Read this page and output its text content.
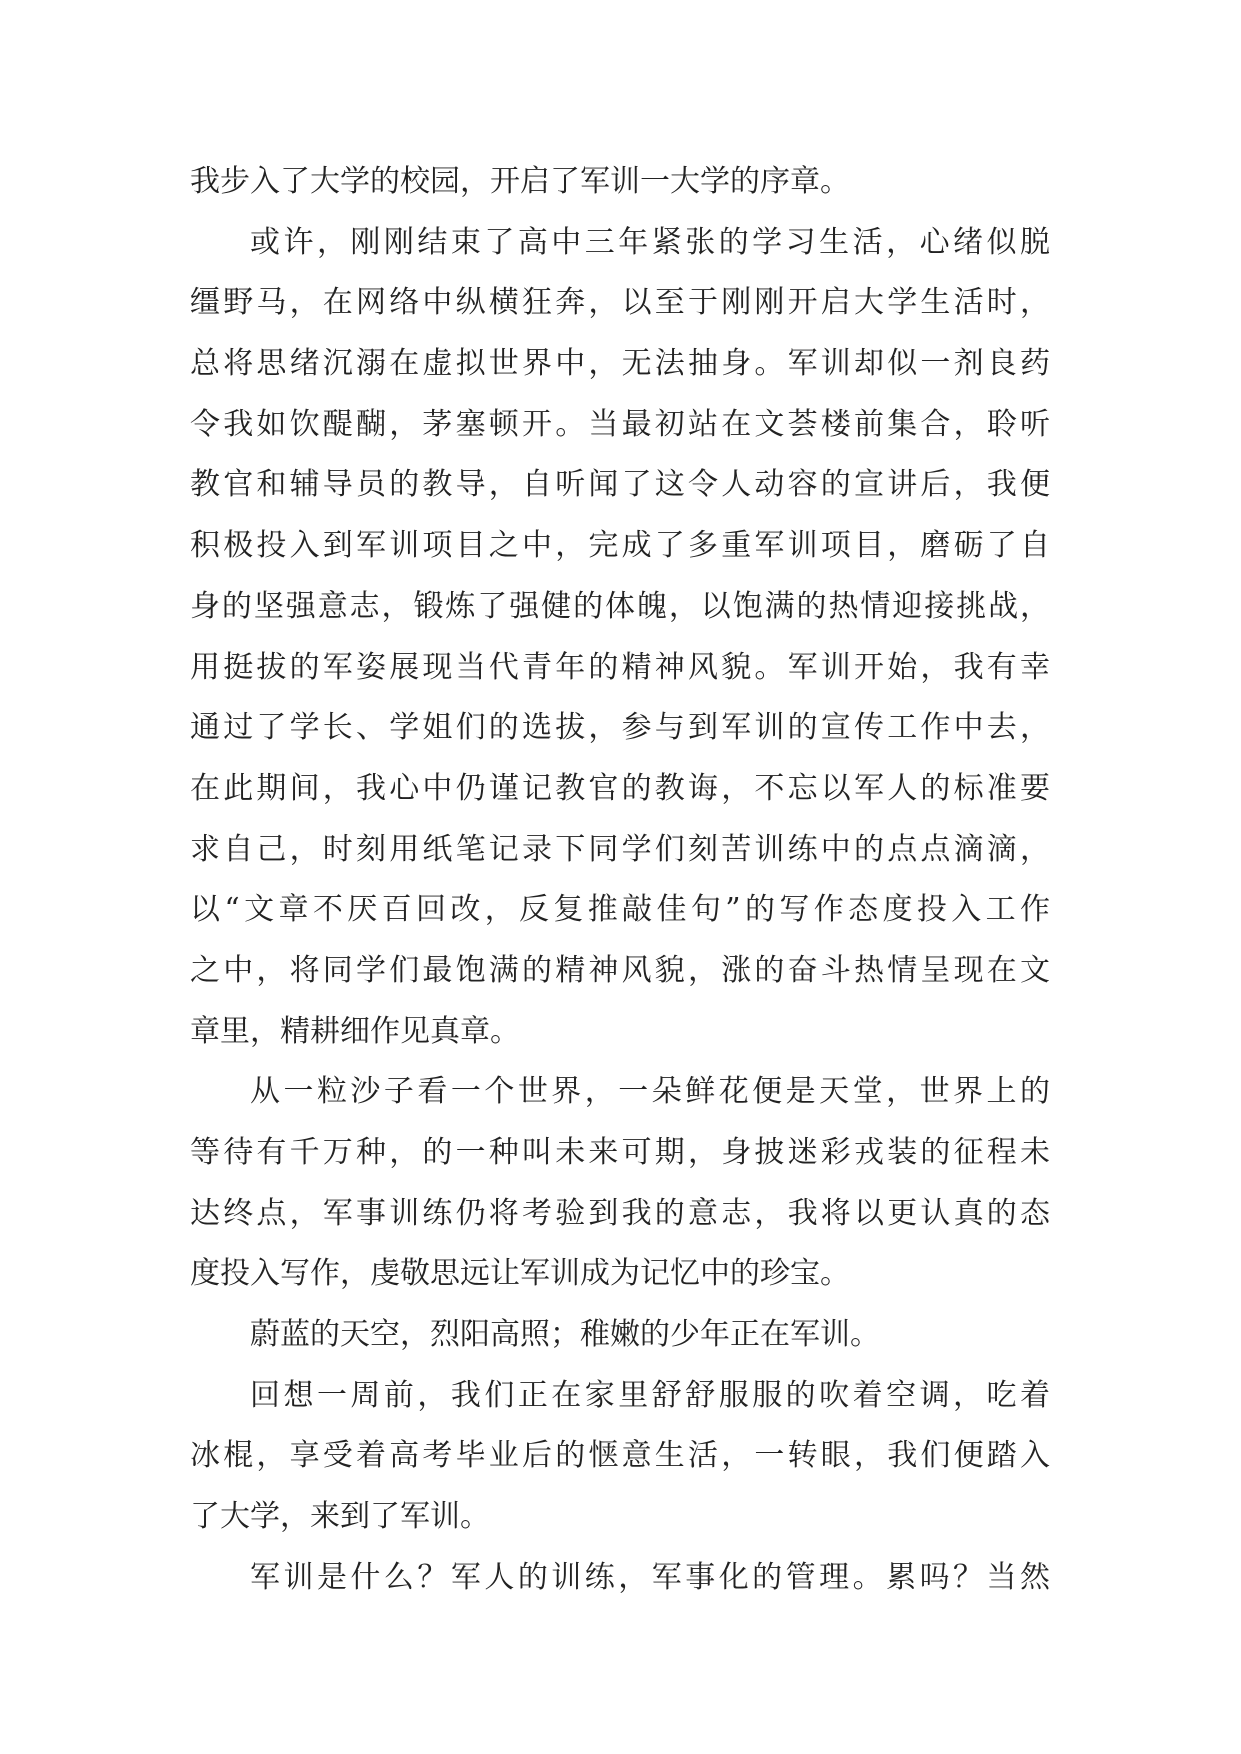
我步入了大学的校园，开启了军训一大学的序章。
或许，刚刚结束了高中三年紧张的学习生活，心绪似脱
缰野马，在网络中纵横狂奔，以至于刚刚开启大学生活时，
总将思绪沉溺在虚拟世界中，无法抽身。军训却似一剂良药
令我如饮醍醐，茅塞顿开。当最初站在文荟楼前集合，聆听
教官和辅导员的教导，自听闻了这令人动容的宣讲后，我便
积极投入到军训项目之中，完成了多重军训项目，磨砺了自
身的坚强意志，锻炼了强健的体魄，以饱满的热情迎接挑战，
用挺拔的军姿展现当代青年的精神风貌。军训开始，我有幸
通过了学长、学姐们的选拔，参与到军训的宣传工作中去，
在此期间，我心中仍谨记教官的教诲，不忘以军人的标准要
求自己，时刻用纸笔记录下同学们刻苦训练中的点点滴滴，
以“文章不厌百回改，反复推敲佳句”的写作态度投入工作
之中，将同学们最饱满的精神风貌，涨的奋斗热情呈现在文
章里，精耕细作见真章。
从一粒沙子看一个世界，一朵鲜花便是天堂，世界上的
等待有千万种，的一种叫未来可期，身披迷彩戎装的征程未
达终点，军事训练仍将考验到我的意志，我将以更认真的态
度投入写作，虔敬思远让军训成为记忆中的珍宝。
蔚蓝的天空，烈阳高照；稚嫩的少年正在军训。
回想一周前，我们正在家里舒舒服服的吹着空调，吃着
冰棍，享受着高考毕业后的惬意生活，一转眼，我们便踏入
了大学，来到了军训。
军训是什么？军人的训练，军事化的管理。累吗？当然
